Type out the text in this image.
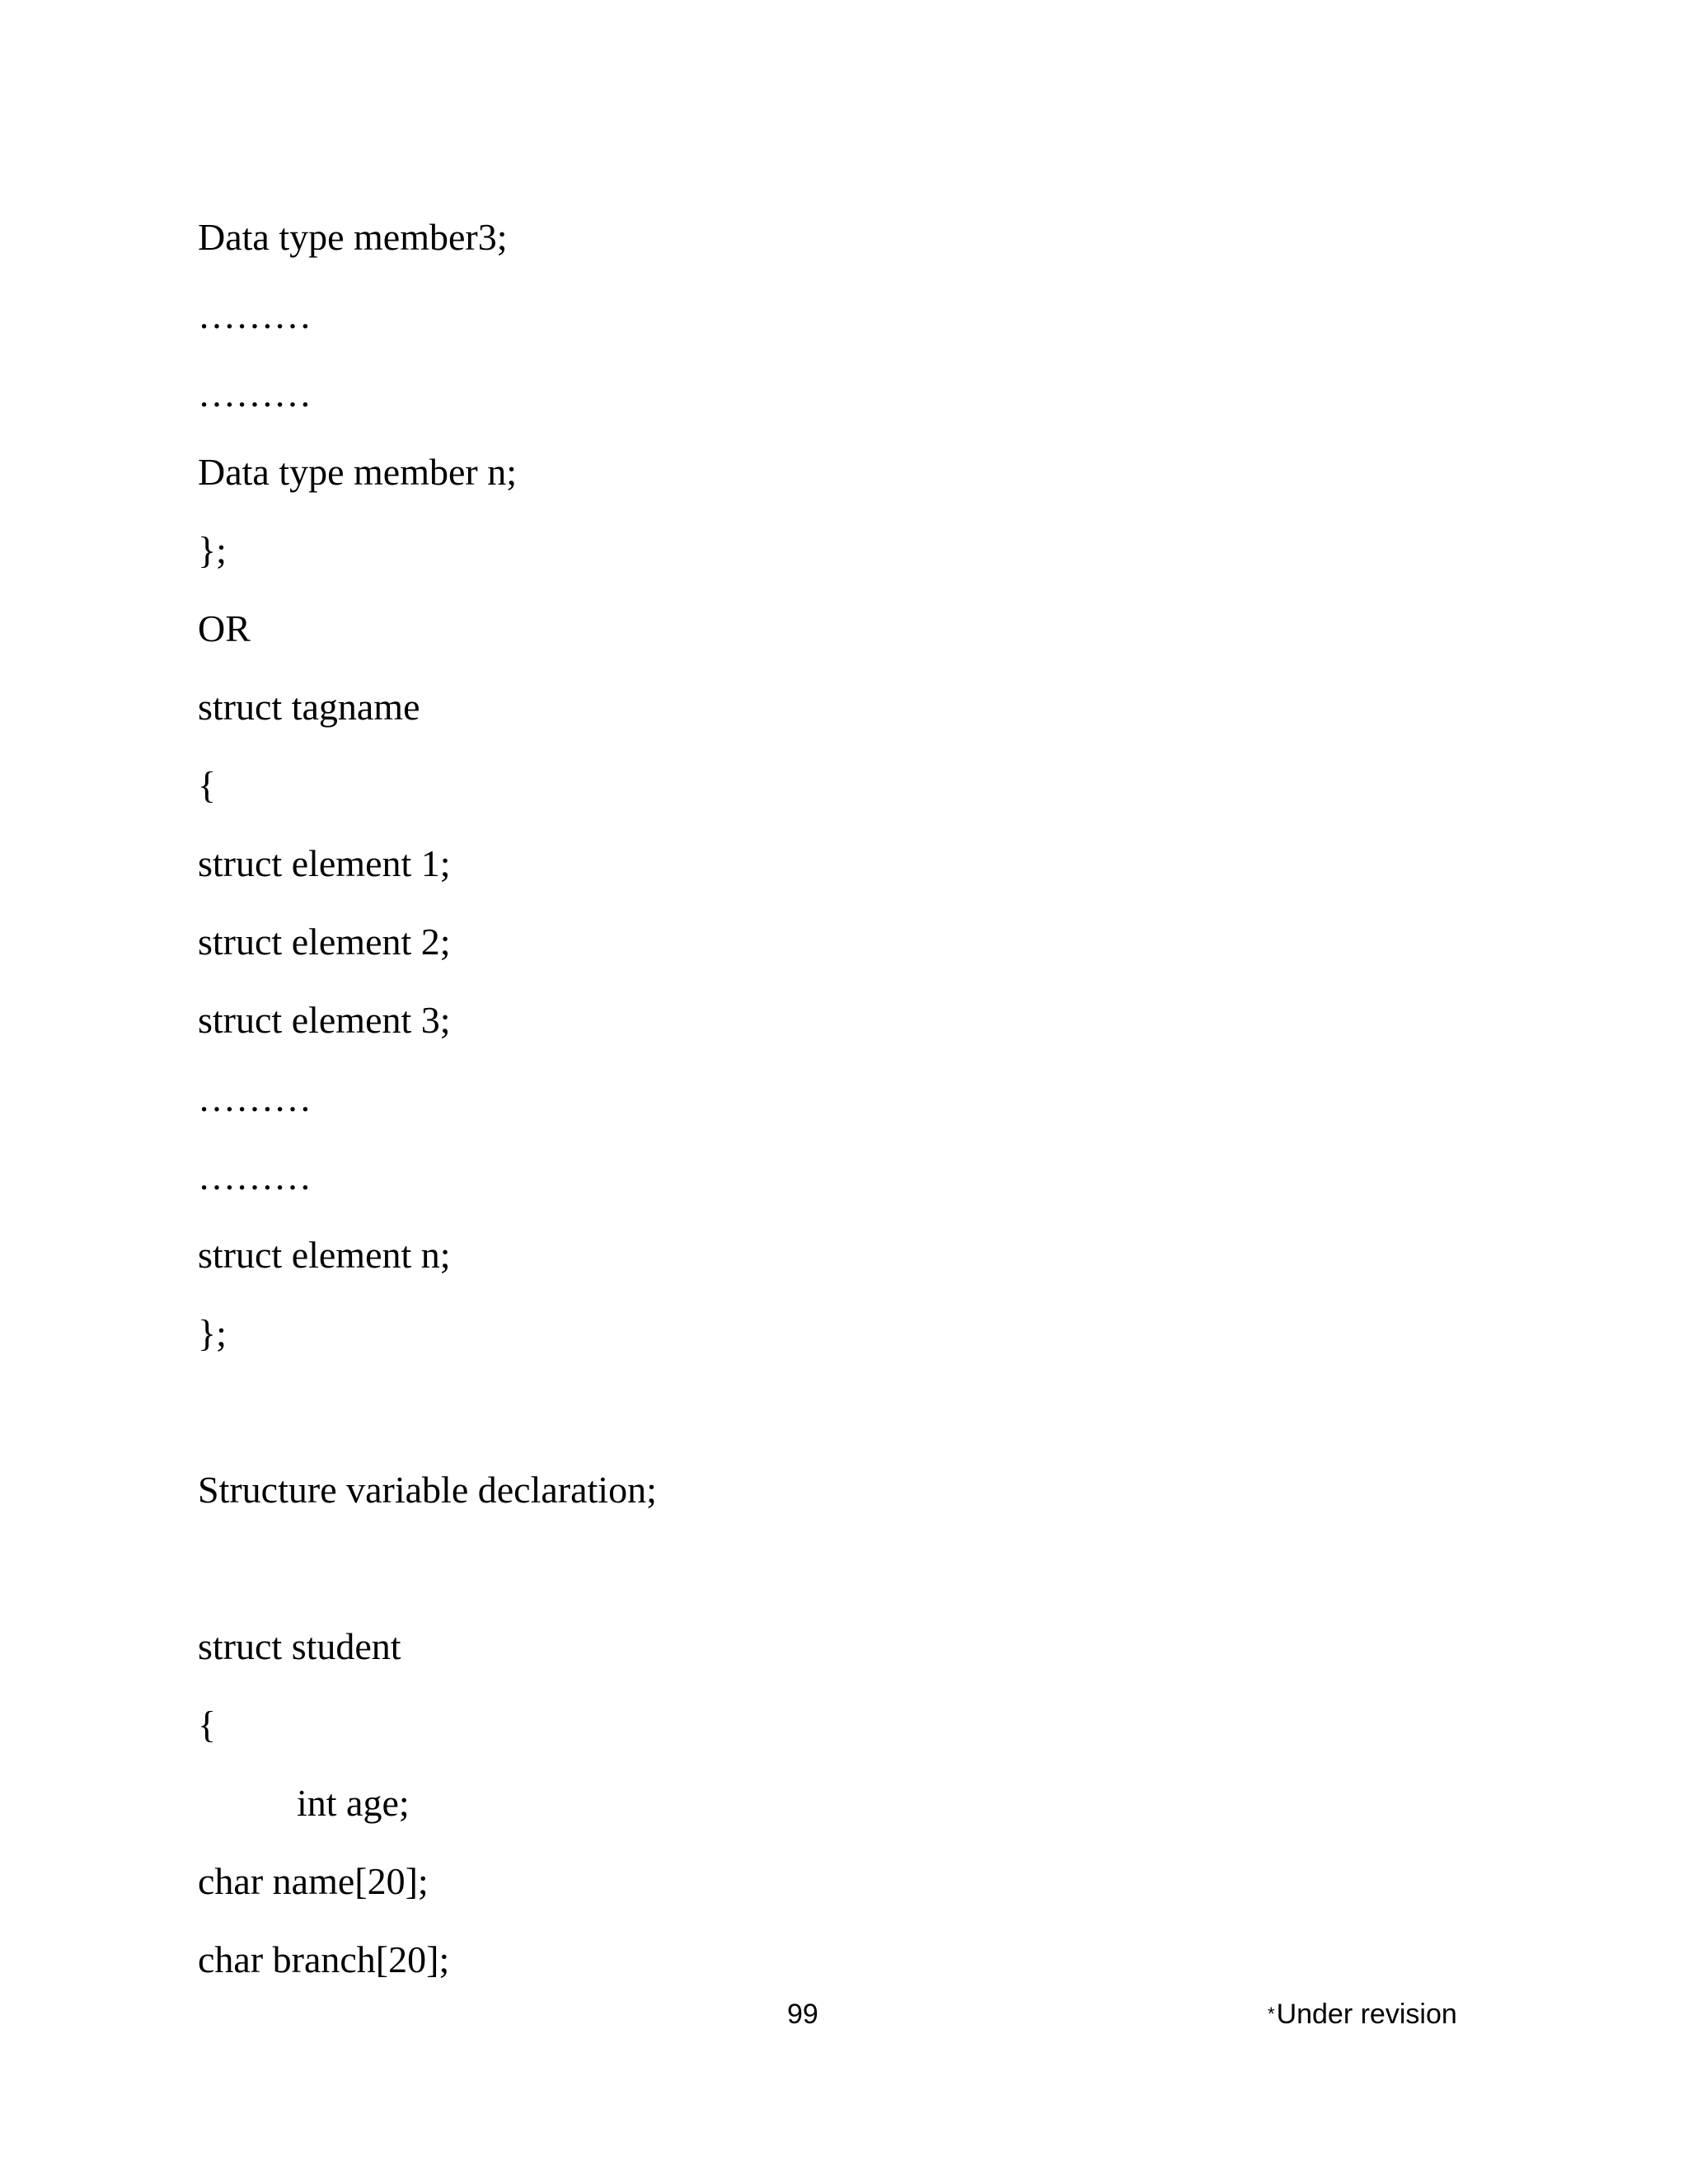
Data type member3;
………
………
Data type member n;
};
OR
struct tagname
{
struct element 1;
struct element 2;
struct element 3;
………
………
struct element n;
};
Structure variable declaration;
struct student
{
int age;
char name[20];
char branch[20];
99	*Under revision
